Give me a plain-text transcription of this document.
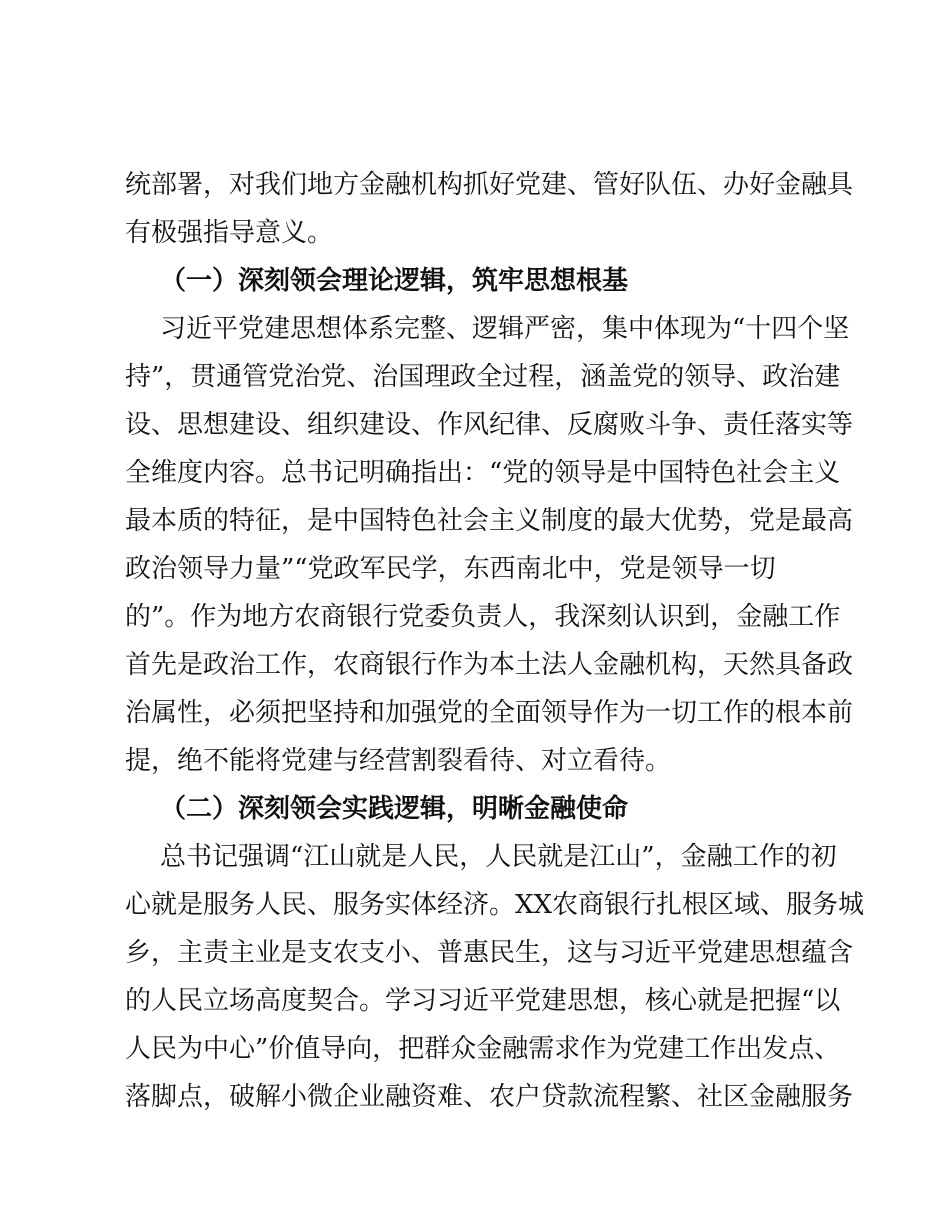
统部署，对我们地方金融机构抓好党建、管好队伍、办好金融具

有极强指导意义。

（一）深刻领会理论逻辑，筑牢思想根基

习近平党建思想体系完整、逻辑严密，集中体现为“十四个坚

持”，贯通管党治党、治国理政全过程，涵盖党的领导、政治建

设、思想建设、组织建设、作风纪律、反腐败斗争、责任落实等

全维度内容。总书记明确指出：“党的领导是中国特色社会主义

最本质的特征，是中国特色社会主义制度的最大优势，党是最高

政治领导力量”“党政军民学，东西南北中，党是领导一切

的”。作为地方农商银行党委负责人，我深刻认识到，金融工作

首先是政治工作，农商银行作为本土法人金融机构，天然具备政

治属性，必须把坚持和加强党的全面领导作为一切工作的根本前

提，绝不能将党建与经营割裂看待、对立看待。

（二）深刻领会实践逻辑，明晰金融使命

总书记强调“江山就是人民，人民就是江山”，金融工作的初

心就是服务人民、服务实体经济。XX农商银行扎根区域、服务城

乡，主责主业是支农支小、普惠民生，这与习近平党建思想蕴含

的人民立场高度契合。学习习近平党建思想，核心就是把握“以

人民为中心”价值导向，把群众金融需求作为党建工作出发点、

落脚点，破解小微企业融资难、农户贷款流程繁、社区金融服务
